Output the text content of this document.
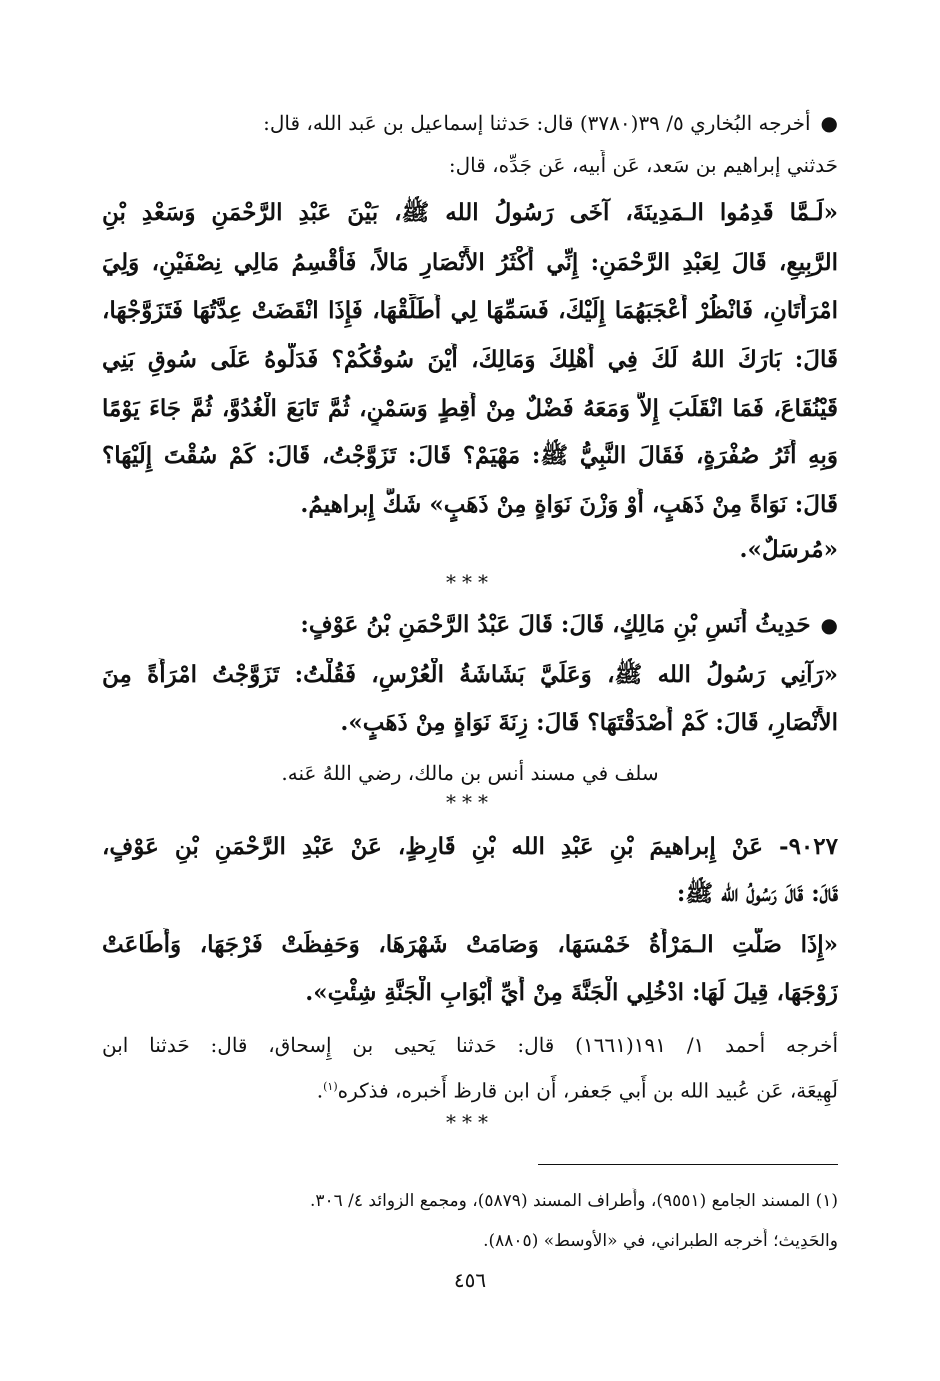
●أخرجه البُخاري ٥/ ٣٩(٣٧٨٠) قال: حَدثنا إسماعيل بن عَبد الله، قال:
حَدثني إبراهيم بن سَعد، عَن أَبيه، عَن جَدِّه، قال:
«لَـمَّا قَدِمُوا الـمَدِينَةَ، آخَى رَسُولُ الله ﷺ، بَيْنَ عَبْدِ الرَّحْمَنِ وَسَعْدِ بْنِ
الرَّبِيعِ، قَالَ لِعَبْدِ الرَّحْمَنِ: إِنِّي أَكْثَرُ الأَنْصَارِ مَالاً، فَأَقْسِمُ مَالِي نِصْفَيْنِ، وَلِيَ
امْرَأَتَانِ، فَانْظُرْ أَعْجَبَهُمَا إِلَيْكَ، فَسَمِّهَا لِي أُطَلِّقْهَا، فَإِذَا انْقَضَتْ عِدَّتُهَا فَتَزَوَّجْهَا،
قَالَ: بَارَكَ اللهُ لَكَ فِي أَهْلِكَ وَمَالِكَ، أَيْنَ سُوقُكُمْ؟ فَدَلُّوهُ عَلَى سُوقِ بَنِي
قَيْنُقَاعَ، فَمَا انْقَلَبَ إِلاَّ وَمَعَهُ فَضْلٌ مِنْ أَقِطٍ وَسَمْنٍ، ثُمَّ تَابَعَ الْغُدُوَّ، ثُمَّ جَاءَ يَوْمًا
وَبِهِ أَثَرُ صُفْرَةٍ، فَقَالَ النَّبِيُّ ﷺ: مَهْيَمْ؟ قَالَ: تَزَوَّجْتُ، قَالَ: كَمْ سُقْتَ إِلَيْهَا؟
قَالَ: نَوَاةً مِنْ ذَهَبٍ، أَوْ وَزْنَ نَوَاةٍ مِنْ ذَهَبٍ» شَكَّ إِبراهيمُ.
«مُرسَلٌ».
***
●حَدِيثُ أَنَسِ بْنِ مَالِكٍ، قَالَ: قَالَ عَبْدُ الرَّحْمَنِ بْنُ عَوْفٍ:
«رَآنِي رَسُولُ الله ﷺ، وَعَلَيَّ بَشَاشَةُ الْعُرْسِ، فَقُلْتُ: تَزَوَّجْتُ امْرَأَةً مِنَ
الأَنْصَارِ، قَالَ: كَمْ أَصْدَقْتَهَا؟ قَالَ: زِنَةَ نَوَاةٍ مِنْ ذَهَبٍ».
سلف في مسند أنس بن مالك، رضي اللهُ عَنه.
***
٩٠٢٧- عَنْ إِبراهيمَ بْنِ عَبْدِ الله بْنِ قَارِظٍ، عَنْ عَبْدِ الرَّحْمَنِ بْنِ عَوْفٍ،
قَالَ: قَالَ رَسُولُ الله ﷺ:
«إِذَا صَلَّتِ الـمَرْأَةُ خَمْسَهَا، وَصَامَتْ شَهْرَهَا، وَحَفِظَتْ فَرْجَهَا، وَأَطَاعَتْ
زَوْجَهَا، قِيلَ لَهَا: ادْخُلِي الْجَنَّةَ مِنْ أَيِّ أَبْوَابِ الْجَنَّةِ شِئْتِ».
أخرجه أحمد ١/ ١٩١(١٦٦١) قال: حَدثنا يَحيى بن إِسحاق، قال: حَدثنا ابن
لَهِيعَة، عَن عُبيد الله بن أَبي جَعفر، أَن ابن قارظ أَخبره، فذكره$^{(١)}$.
***
(١) المسند الجامع (٩٥٥١)، وأَطراف المسند (٥٨٧٩)، ومجمع الزوائد ٤/ ٣٠٦.
والحَدِيث؛ أَخرجه الطبراني، في «الأوسط» (٨٨٠٥).
٤٥٦
